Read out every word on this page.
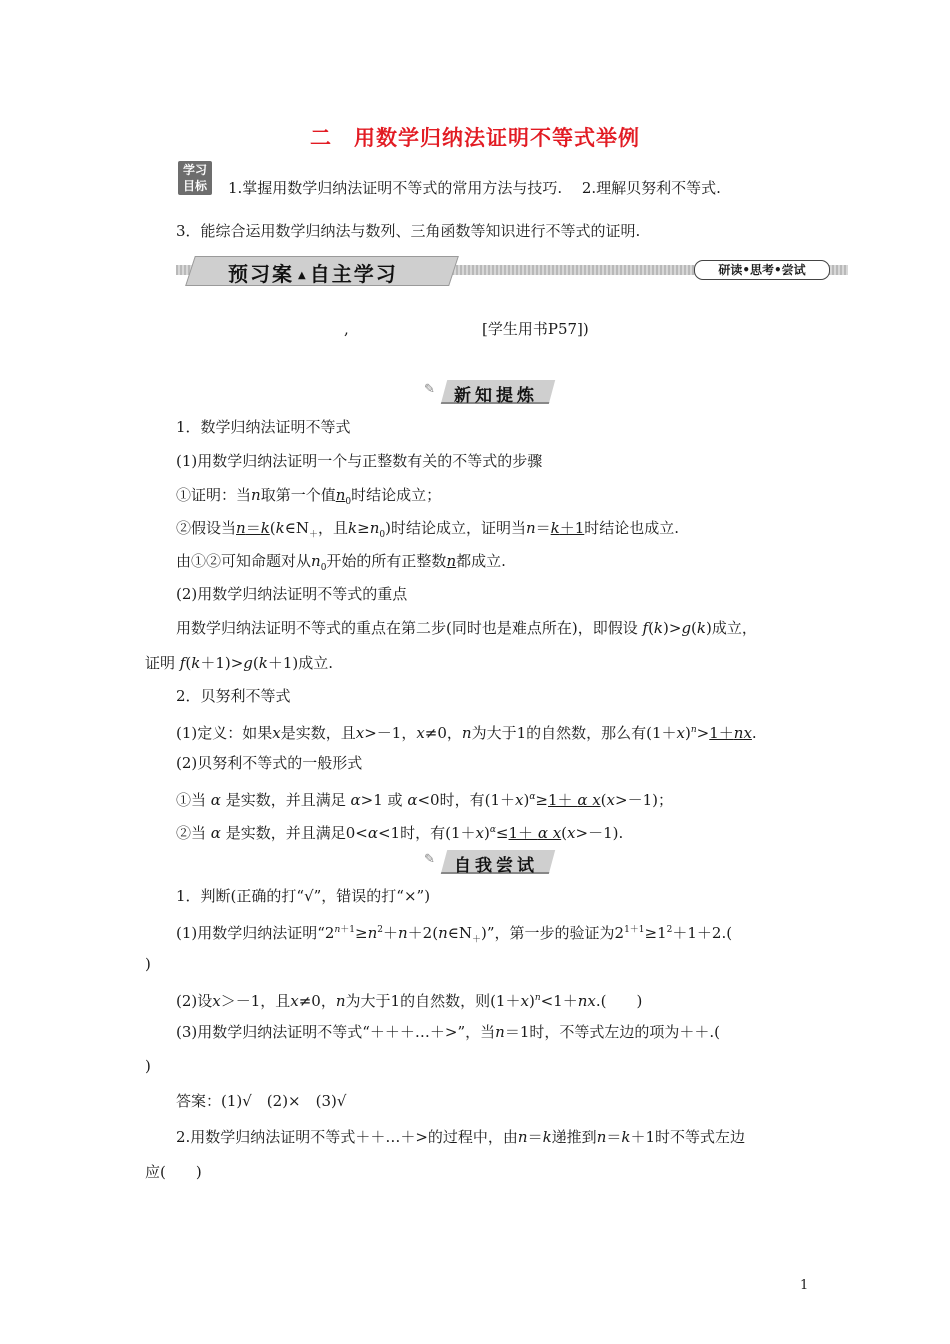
二 用数学归纳法证明不等式举例
学习
目标	1.掌握用数学归纳法证明不等式的常用方法与技巧.　 2.理解贝努利不等式.
3．能综合运用数学归纳法与数列、三角函数等知识进行不等式的证明.
预习案 ▲ 自主学习	研读•思考•尝试
,	[学生用书P57])
✎ 新知提炼
1．数学归纳法证明不等式
(1)用数学归纳法证明一个与正整数有关的不等式的步骤
①证明：当n取第一个值$n_0$时结论成立；
②假设当$n=k(k\in N_+$，且$k\ge n_0$)时结论成立，证明当n＝k＋1时结论也成立.
由①②可知命题对从$n_0$开始的所有正整数n都成立.
(2)用数学归纳法证明不等式的重点
用数学归纳法证明不等式的重点在第二步(同时也是难点所在)，即假设 f(k)>g(k)成立，
证明 f(k＋1)>g(k＋1)成立.
2．贝努利不等式
(1)定义：如果x是实数，且x>－1，x≠0，n为大于1的自然数，那么有$(1+x)^n>1+nx$.
(2)贝努利不等式的一般形式
①当 α 是实数，并且满足 α>1 或 α<0时，有$(1+x)^\alpha\ge 1+ \alpha$ x(x>－1)；
②当 α 是实数，并且满足0<α<1时，有$(1+x)^\alpha\le 1+ \alpha$ x(x>－1).
✎ 自我尝试
1．判断(正确的打“√”，错误的打“×”)
(1)用数学归纳法证明“$2^{n+1}\ge n^2+n+2(n\in N_+)$”，第一步的验证为$2^{1+1}\ge 1^2+1+2$.(
)
(2)设x＞－1，且x≠0，n为大于1的自然数，则$(1+x)^n<1+nx$.(　　)
(3)用数学归纳法证明不等式“＋＋＋…＋>”，当n＝1时，不等式左边的项为＋＋.(
)
答案：(1)√　(2)×　(3)√
2.用数学归纳法证明不等式＋＋…＋>的过程中，由n＝k递推到n＝k＋1时不等式左边
应(　　)
1
